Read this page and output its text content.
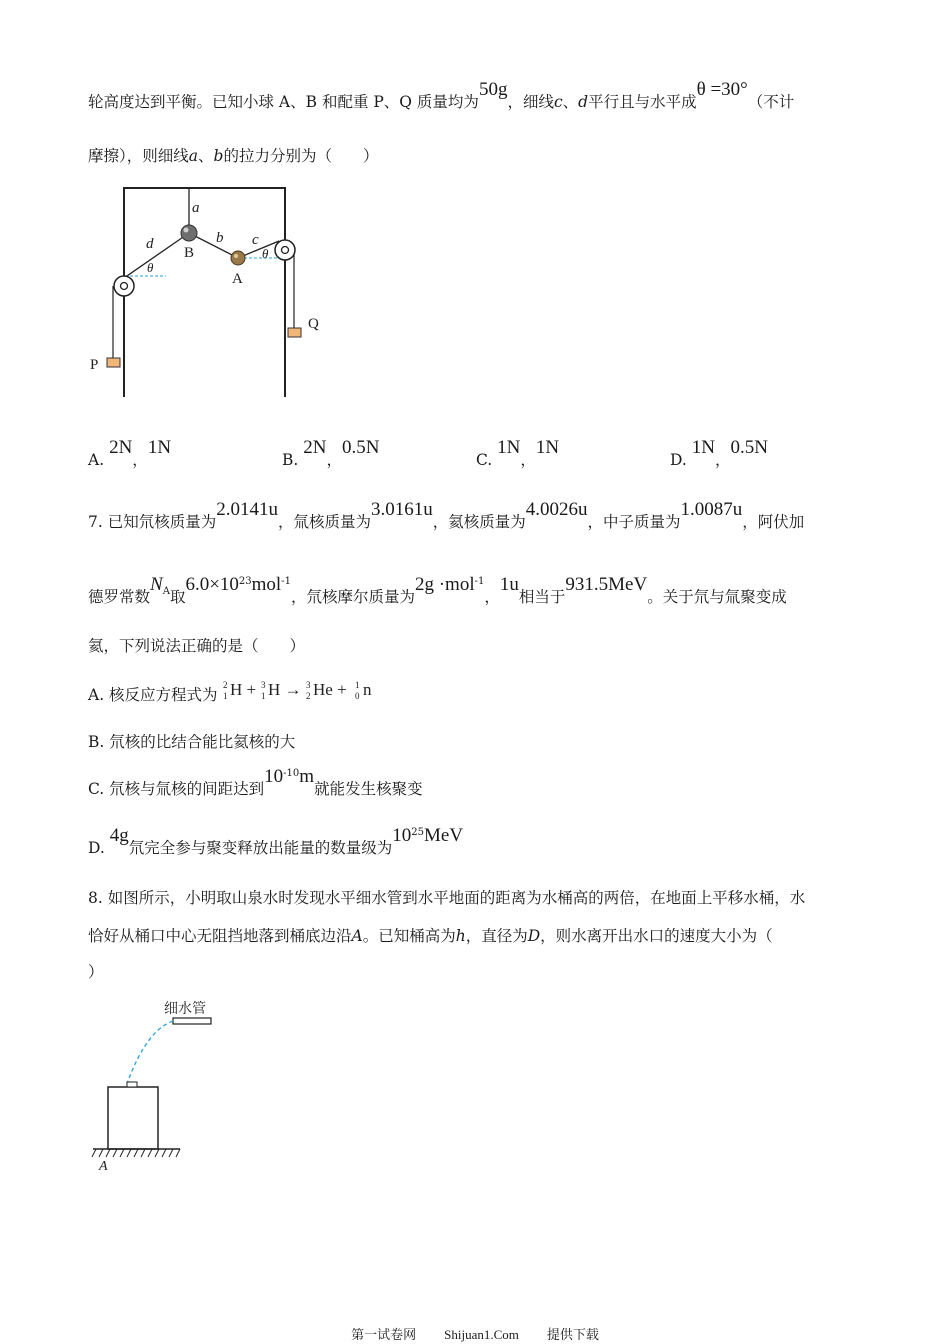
轮高度达到平衡。已知小球 A、B 和配重 P、Q 质量均为50g，细线c、d平行且与水平成θ =30°（不计
摩擦），则细线a、b的拉力分别为（　　）
a
d	b c
θ
θ
B
A
P
Q
A. 2N，1N
B. 2N，0.5N
C. 1N，1N
D. 1N，0.5N
7. 已知氘核质量为2.0141u，氚核质量为3.0161u，氦核质量为4.0026u，中子质量为1.0087u，阿伏加
德罗常数$N_A$取$6.0\times 10^{23}mol^{-1}$，氘核摩尔质量为2g ·mol$^{-1}$，1u相当于931.5MeV。关于氘与氚聚变成
氦，下列说法正确的是（　　）
A. 核反应方程式为
2
1 H + 3
1 H → 3
2 He + 1
0 n
B. 氘核的比结合能比氦核的大
C. 氘核与氚核的间距达到$10^{-10}m$就能发生核聚变
D. 4g氘完全参与聚变释放出能量的数量级为$10^{25}MeV$
8. 如图所示，小明取山泉水时发现水平细水管到水平地面的距离为水桶高的两倍，在地面上平移水桶，水
恰好从桶口中心无阻挡地落到桶底边沿A。已知桶高为h，直径为D，则水离开出水口的速度大小为（
）
细水管
A
第一试卷网 Shijuan1.Com 提供下载
